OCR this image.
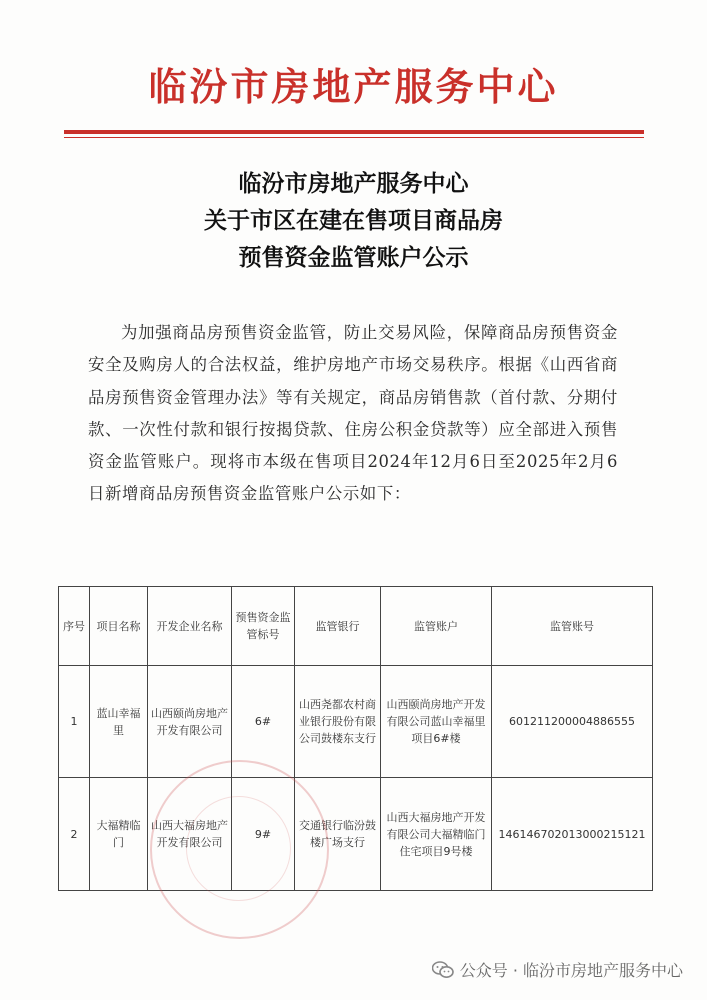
临汾市房地产服务中心
临汾市房地产服务中心
关于市区在建在售项目商品房
预售资金监管账户公示

为加强商品房预售资金监管，防止交易风险，保障商品房预售资金安全及购房人的合法权益，维护房地产市场交易秩序。根据《山西省商品房预售资金管理办法》等有关规定，商品房销售款（首付款、分期付款、一次性付款和银行按揭贷款、住房公积金贷款等）应全部进入预售资金监管账户。现将市本级在售项目2024年12月6日至2025年2月6日新增商品房预售资金监管账户公示如下：

序号	项目名称	开发企业名称	预售资金监管标号	监管银行	监管账户	监管账号
1	蓝山幸福里	山西颐尚房地产开发有限公司	6#	山西尧都农村商业银行股份有限公司鼓楼东支行	山西颐尚房地产开发有限公司蓝山幸福里项目6#楼	601211200004886555
2	大福精临门	山西大福房地产开发有限公司	9#	交通银行临汾鼓楼广场支行	山西大福房地产开发有限公司大福精临门住宅项目9号楼	146146702013000215121
公众号 · 临汾市房地产服务中心
